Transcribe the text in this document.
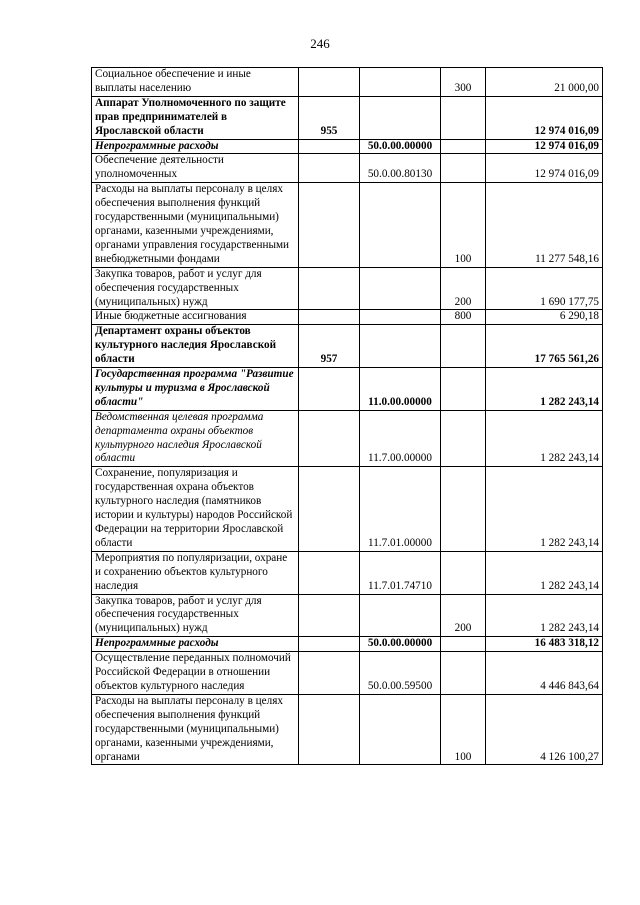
246
Социальное обеспечение и иные выплаты населению			300	21 000,00
Аппарат Уполномоченного по защите прав предпринимателей в Ярославской области	955			12 974 016,09
Непрограммные расходы		50.0.00.00000		12 974 016,09
Обеспечение деятельности уполномоченных		50.0.00.80130		12 974 016,09
Расходы на выплаты персоналу в целях обеспечения выполнения функций государственными (муниципальными) органами, казенными учреждениями, органами управления государственными внебюджетными фондами			100	11 277 548,16
Закупка товаров, работ и услуг для обеспечения государственных (муниципальных) нужд			200	1 690 177,75
Иные бюджетные ассигнования			800	6 290,18
Департамент охраны объектов культурного наследия Ярославской области	957			17 765 561,26
Государственная программа "Развитие культуры и туризма в Ярославской области"		11.0.00.00000		1 282 243,14
Ведомственная целевая программа департамента охраны объектов культурного наследия Ярославской области		11.7.00.00000		1 282 243,14
Сохранение, популяризация и государственная охрана объектов культурного наследия (памятников истории и культуры) народов Российской Федерации на территории Ярославской области		11.7.01.00000		1 282 243,14
Мероприятия по популяризации, охране и сохранению объектов культурного наследия		11.7.01.74710		1 282 243,14
Закупка товаров, работ и услуг для обеспечения государственных (муниципальных) нужд			200	1 282 243,14
Непрограммные расходы		50.0.00.00000		16 483 318,12
Осуществление переданных полномочий Российской Федерации в отношении объектов культурного наследия		50.0.00.59500		4 446 843,64
Расходы на выплаты персоналу в целях обеспечения выполнения функций государственными (муниципальными) органами, казенными учреждениями, органами			100	4 126 100,27
